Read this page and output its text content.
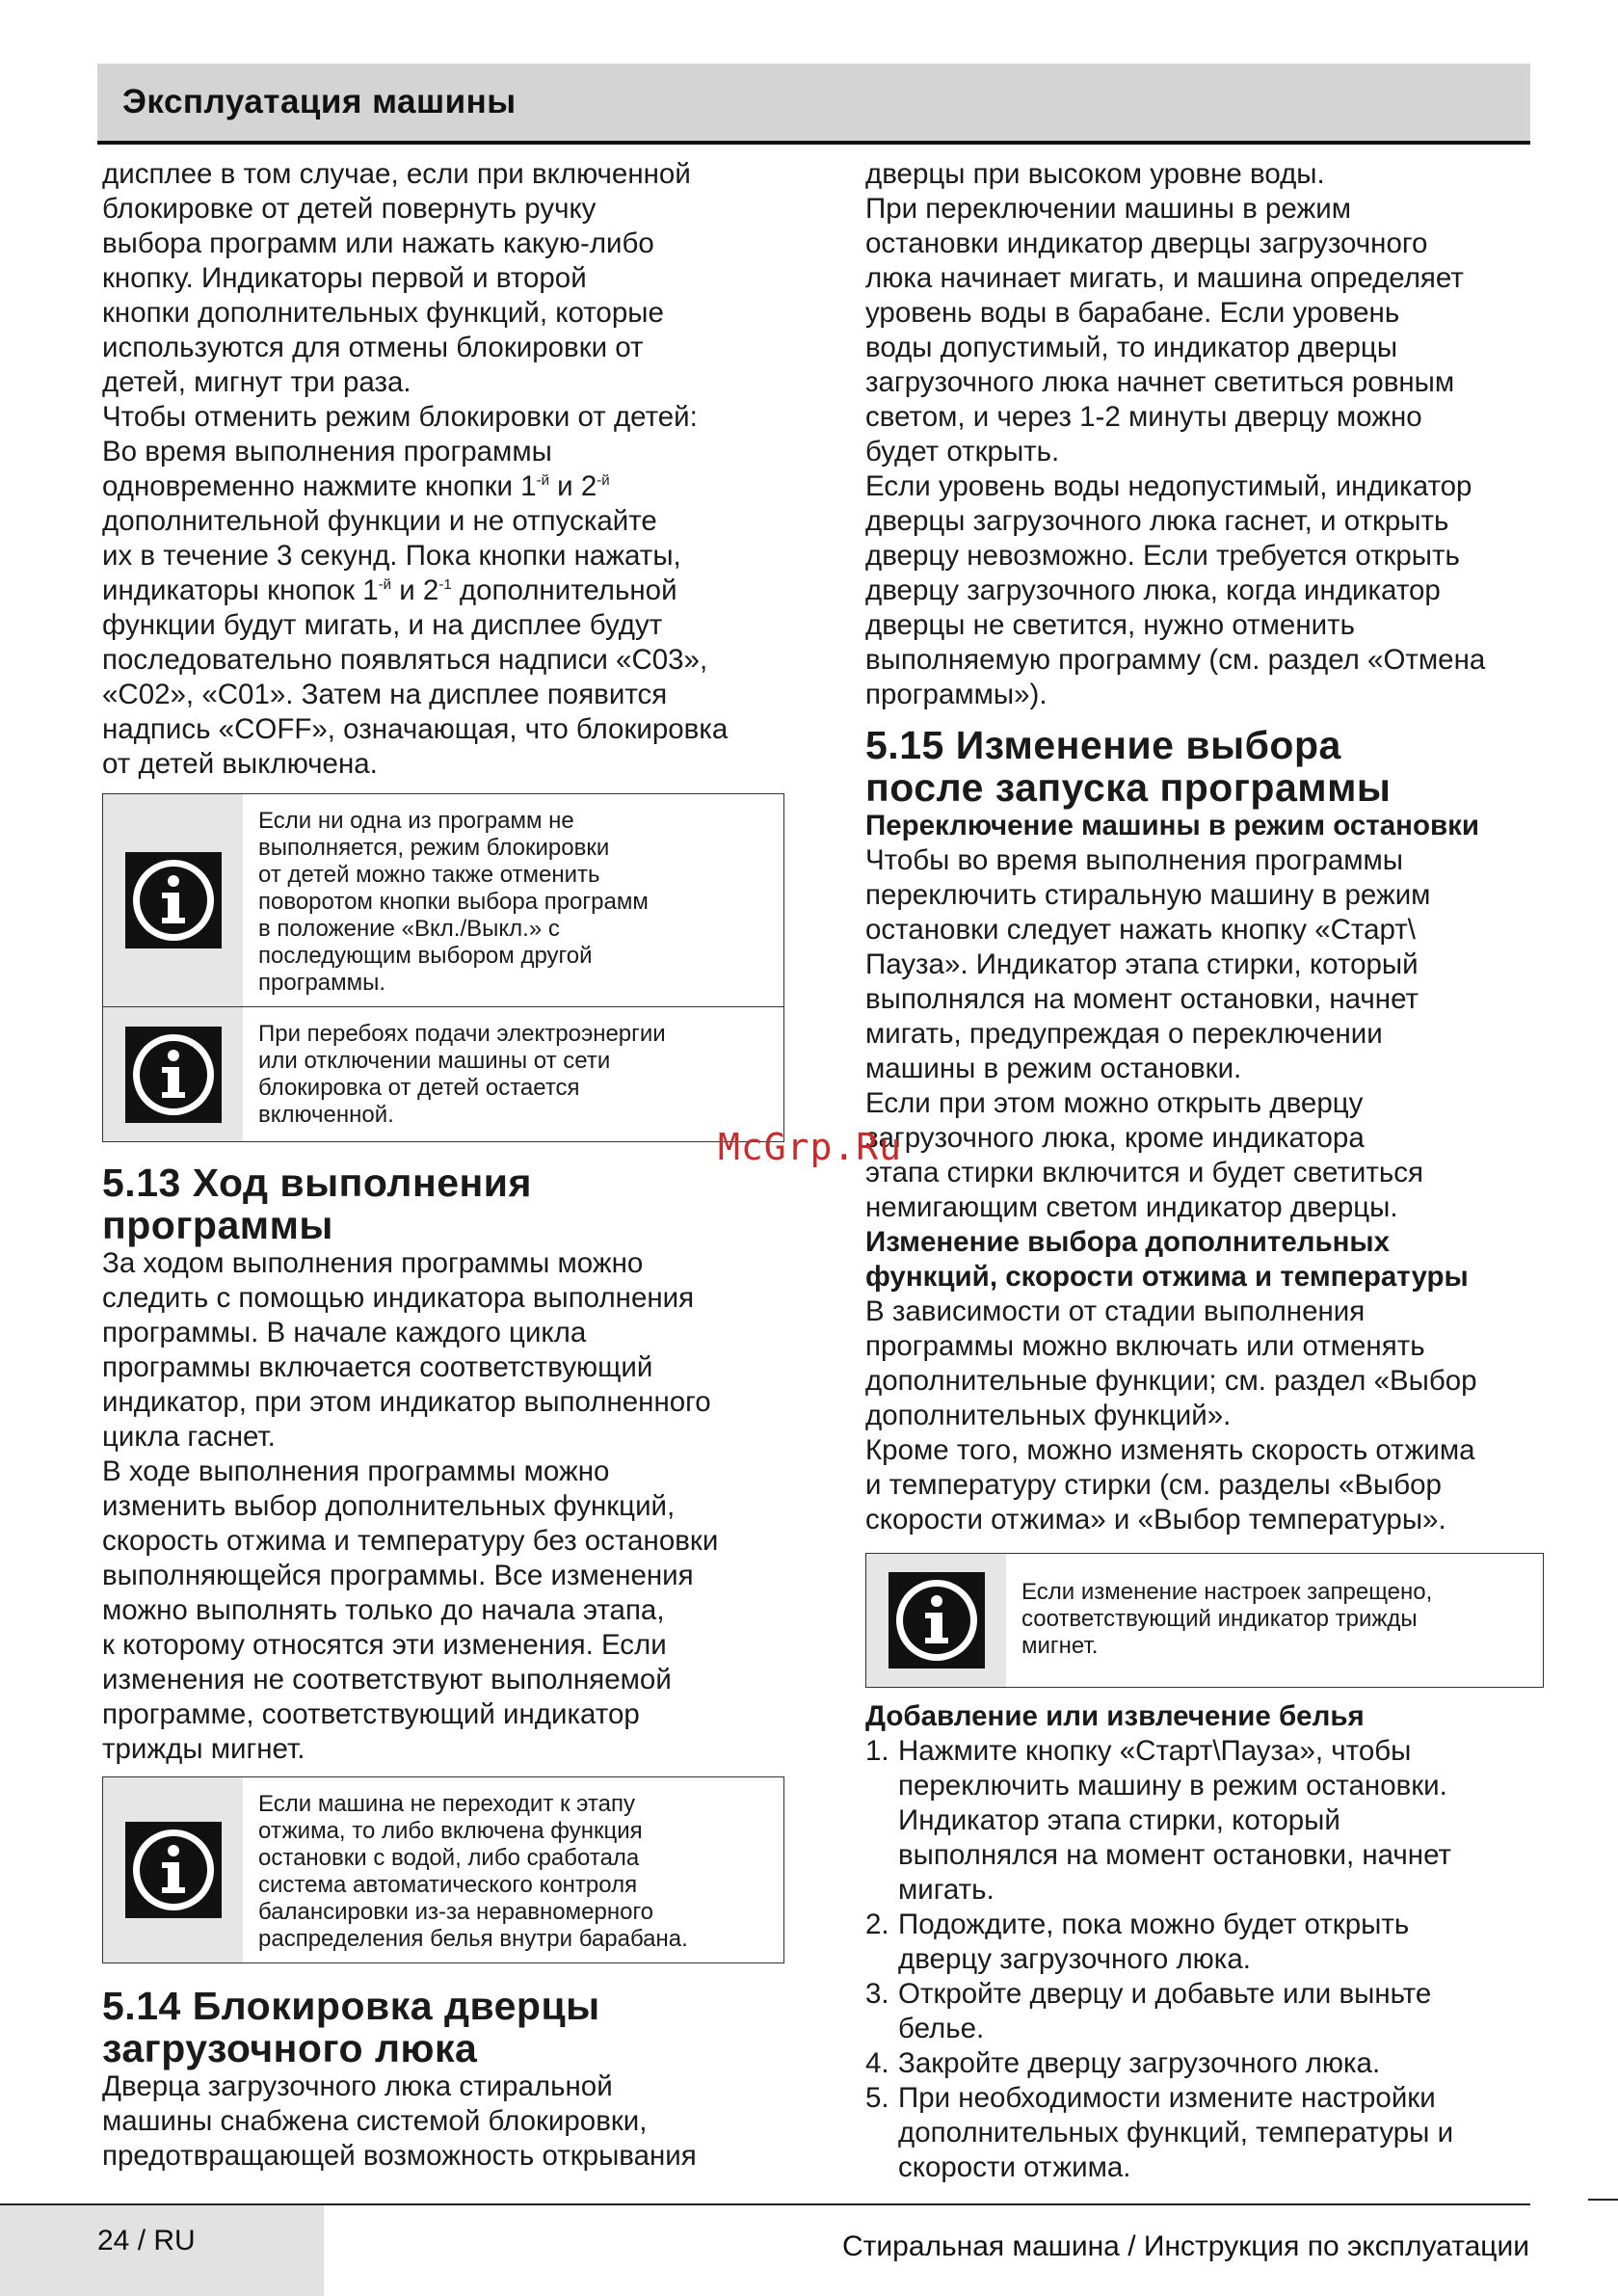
Эксплуатация машины

дисплее в том случае, если при включенной
блокировке от детей повернуть ручку
выбора программ или нажать какую-либо
кнопку. Индикаторы первой и второй
кнопки дополнительных функций, которые
используются для отмены блокировки от
детей, мигнут три раза.
Чтобы отменить режим блокировки от детей:
Во время выполнения программы

одновременно нажмите кнопки $1^{-й}$ и $2^{-й}$

дополнительной функции и не отпускайте
их в течение 3 секунд. Пока кнопки нажаты,

индикаторы кнопок $1^{-й}$ и $2^{-1}$ дополнительной

функции будут мигать, и на дисплее будут
последовательно появляться надписи «C03»,
«C02», «C01». Затем на дисплее появится
надпись «COFF», означающая, что блокировка
от детей выключена.

Если ни одна из программ не
выполняется, режим блокировки
от детей можно также отменить
поворотом кнопки выбора программ
в положение «Вкл./Выкл.» с
последующим выбором другой
программы.
При перебоях подачи электроэнергии
или отключении машины от сети
блокировка от детей остается
включенной.
5.13 Ход выполнения
программы

За ходом выполнения программы можно
следить с помощью индикатора выполнения
программы. В начале каждого цикла
программы включается соответствующий
индикатор, при этом индикатор выполненного
цикла гаснет.
В ходе выполнения программы можно
изменить выбор дополнительных функций,
скорость отжима и температуру без остановки
выполняющейся программы. Все изменения
можно выполнять только до начала этапа,
к которому относятся эти изменения. Если
изменения не соответствуют выполняемой
программе, соответствующий индикатор
трижды мигнет.

Если машина не переходит к этапу
отжима, то либо включена функция
остановки с водой, либо сработала
система автоматического контроля
балансировки из-за неравномерного
распределения белья внутри барабана.
5.14 Блокировка дверцы
загрузочного люка

Дверца загрузочного люка стиральной
машины снабжена системой блокировки,
предотвращающей возможность открывания

дверцы при высоком уровне воды.
При переключении машины в режим
остановки индикатор дверцы загрузочного
люка начинает мигать, и машина определяет
уровень воды в барабане. Если уровень
воды допустимый, то индикатор дверцы
загрузочного люка начнет светиться ровным
светом, и через 1-2 минуты дверцу можно
будет открыть.
Если уровень воды недопустимый, индикатор
дверцы загрузочного люка гаснет, и открыть
дверцу невозможно. Если требуется открыть
дверцу загрузочного люка, когда индикатор
дверцы не светится, нужно отменить
выполняемую программу (см. раздел «Отмена
программы»).

5.15 Изменение выбора
после запуска программы

Переключение машины в режим остановки

Чтобы во время выполнения программы
переключить стиральную машину в режим
остановки следует нажать кнопку «Старт\
Пауза». Индикатор этапа стирки, который
выполнялся на момент остановки, начнет
мигать, предупреждая о переключении
машины в режим остановки.
Если при этом можно открыть дверцу
загрузочного люка, кроме индикатора
этапа стирки включится и будет светиться
немигающим светом индикатор дверцы.

Изменение выбора дополнительных
функций, скорости отжима и температуры

В зависимости от стадии выполнения
программы можно включать или отменять
дополнительные функции; см. раздел «Выбор
дополнительных функций».
Кроме того, можно изменять скорость отжима
и температуру стирки (см. разделы «Выбор
скорости отжима» и «Выбор температуры».

Если изменение настроек запрещено,
соответствующий индикатор трижды
мигнет.

Добавление или извлечение белья

1. Нажмите кнопку «Старт\Пауза», чтобы
переключить машину в режим остановки.
Индикатор этапа стирки, который
выполнялся на момент остановки, начнет
мигать.
2. Подождите, пока можно будет открыть
дверцу загрузочного люка.
3. Откройте дверцу и добавьте или выньте
белье.
4. Закройте дверцу загрузочного люка.
5. При необходимости измените настройки
дополнительных функций, температуры и
скорости отжима.
McGrp.Ru
24 / RU	Стиральная машина / Инструкция по эксплуатации
